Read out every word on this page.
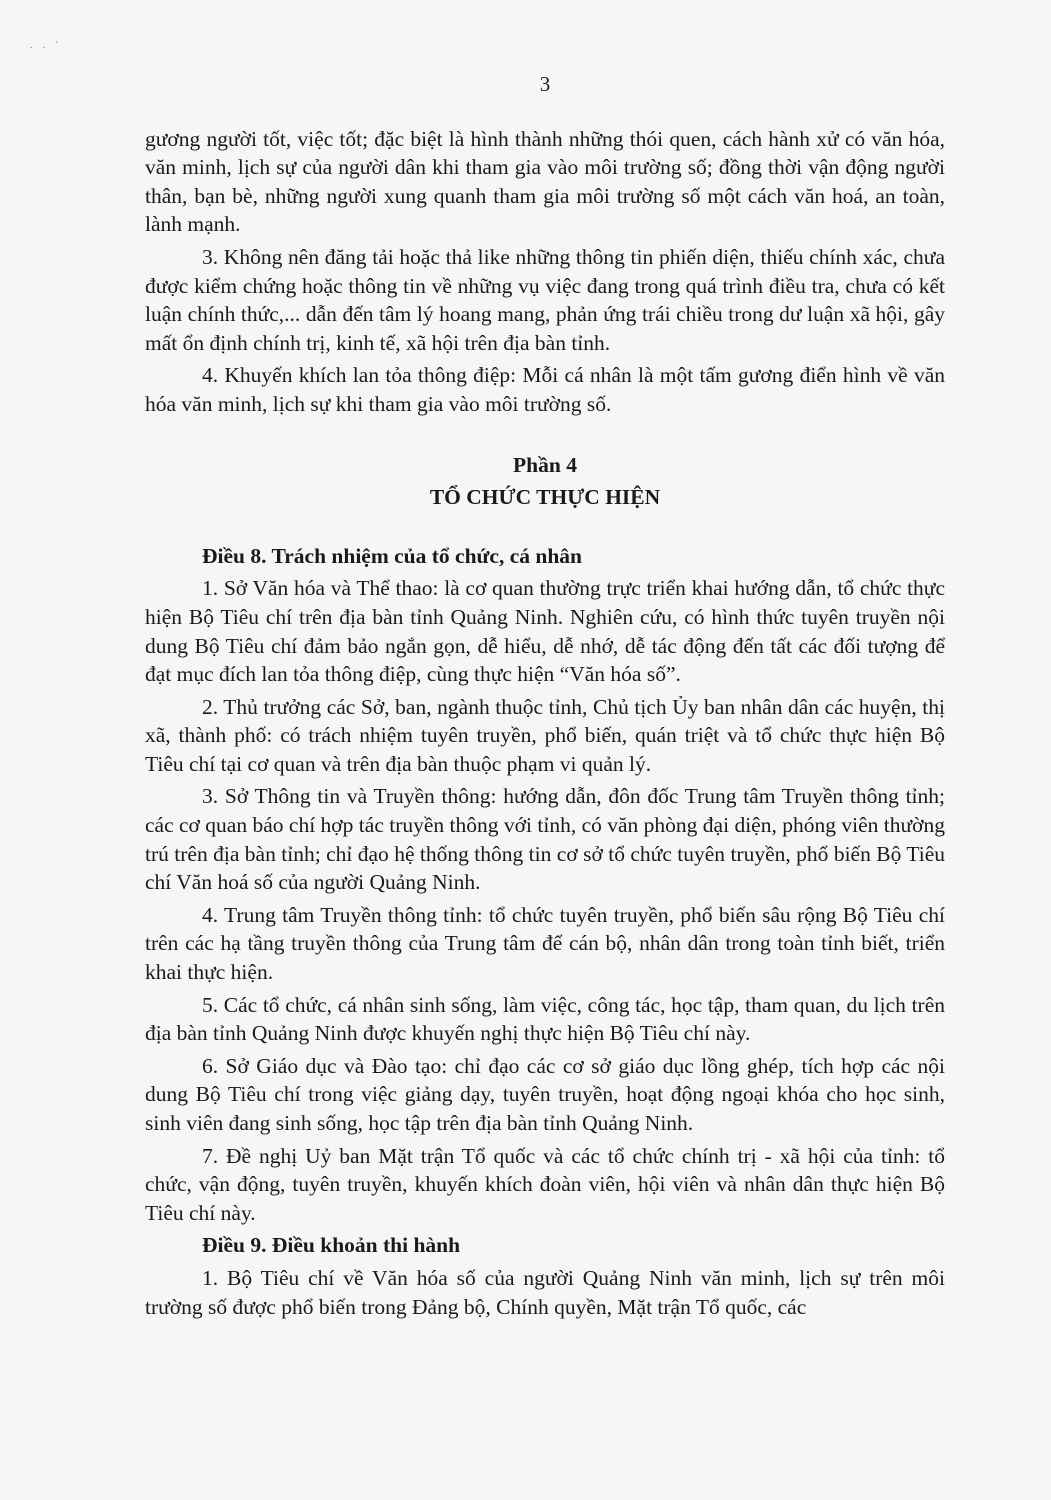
. . '
3

gương người tốt, việc tốt; đặc biệt là hình thành những thói quen, cách hành xử có văn hóa, văn minh, lịch sự của người dân khi tham gia vào môi trường số; đồng thời vận động người thân, bạn bè, những người xung quanh tham gia môi trường số một cách văn hoá, an toàn, lành mạnh.

3. Không nên đăng tải hoặc thả like những thông tin phiến diện, thiếu chính xác, chưa được kiểm chứng hoặc thông tin về những vụ việc đang trong quá trình điều tra, chưa có kết luận chính thức,... dẫn đến tâm lý hoang mang, phản ứng trái chiều trong dư luận xã hội, gây mất ổn định chính trị, kinh tế, xã hội trên địa bàn tỉnh.

4. Khuyến khích lan tỏa thông điệp: Mỗi cá nhân là một tấm gương điển hình về văn hóa văn minh, lịch sự khi tham gia vào môi trường số.

Phần 4
TỔ CHỨC THỰC HIỆN
Điều 8. Trách nhiệm của tổ chức, cá nhân

1. Sở Văn hóa và Thể thao: là cơ quan thường trực triển khai hướng dẫn, tổ chức thực hiện Bộ Tiêu chí trên địa bàn tỉnh Quảng Ninh. Nghiên cứu, có hình thức tuyên truyền nội dung Bộ Tiêu chí đảm bảo ngắn gọn, dễ hiểu, dễ nhớ, dễ tác động đến tất các đối tượng để đạt mục đích lan tỏa thông điệp, cùng thực hiện “Văn hóa số”.

2. Thủ trưởng các Sở, ban, ngành thuộc tỉnh, Chủ tịch Ủy ban nhân dân các huyện, thị xã, thành phố: có trách nhiệm tuyên truyền, phổ biến, quán triệt và tổ chức thực hiện Bộ Tiêu chí tại cơ quan và trên địa bàn thuộc phạm vi quản lý.

3. Sở Thông tin và Truyền thông: hướng dẫn, đôn đốc Trung tâm Truyền thông tỉnh; các cơ quan báo chí hợp tác truyền thông với tỉnh, có văn phòng đại diện, phóng viên thường trú trên địa bàn tỉnh; chỉ đạo hệ thống thông tin cơ sở tổ chức tuyên truyền, phổ biến Bộ Tiêu chí Văn hoá số của người Quảng Ninh.

4. Trung tâm Truyền thông tỉnh: tổ chức tuyên truyền, phổ biến sâu rộng Bộ Tiêu chí trên các hạ tầng truyền thông của Trung tâm để cán bộ, nhân dân trong toàn tỉnh biết, triển khai thực hiện.

5. Các tổ chức, cá nhân sinh sống, làm việc, công tác, học tập, tham quan, du lịch trên địa bàn tỉnh Quảng Ninh được khuyến nghị thực hiện Bộ Tiêu chí này.

6. Sở Giáo dục và Đào tạo: chỉ đạo các cơ sở giáo dục lồng ghép, tích hợp các nội dung Bộ Tiêu chí trong việc giảng dạy, tuyên truyền, hoạt động ngoại khóa cho học sinh, sinh viên đang sinh sống, học tập trên địa bàn tỉnh Quảng Ninh.

7. Đề nghị Uỷ ban Mặt trận Tổ quốc và các tổ chức chính trị - xã hội của tỉnh: tổ chức, vận động, tuyên truyền, khuyến khích đoàn viên, hội viên và nhân dân thực hiện Bộ Tiêu chí này.

Điều 9. Điều khoản thi hành

1. Bộ Tiêu chí về Văn hóa số của người Quảng Ninh văn minh, lịch sự trên môi trường số được phổ biến trong Đảng bộ, Chính quyền, Mặt trận Tổ quốc, các
